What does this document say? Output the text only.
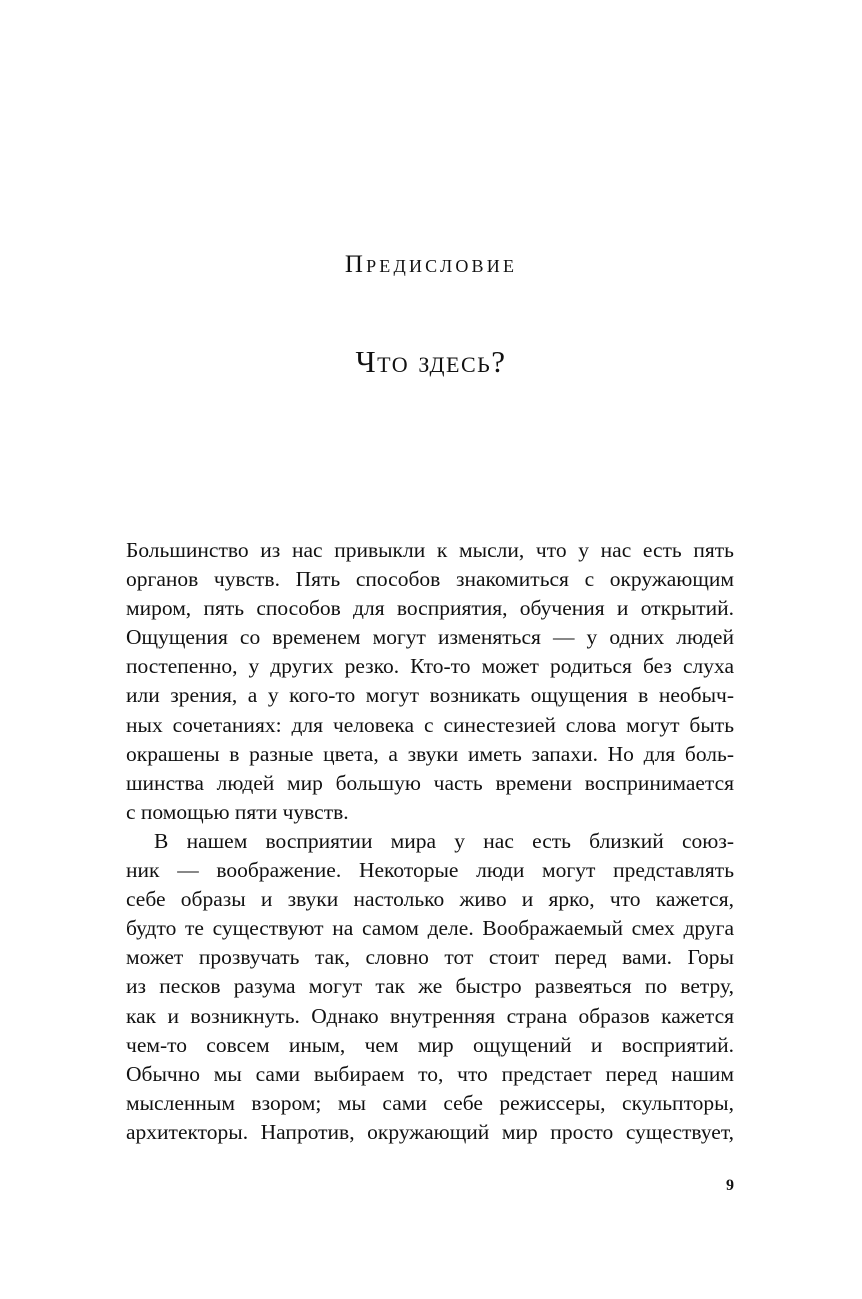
Предисловие
Что здесь?
Большинство из нас привыкли к мысли, что у нас есть пять
органов чувств. Пять способов знакомиться с окружающим
миром, пять способов для восприятия, обучения и открытий.
Ощущения со временем могут изменяться — у одних людей
постепенно, у других резко. Кто-то может родиться без слуха
или зрения, а у кого-то могут возникать ощущения в необыч-
ных сочетаниях: для человека с синестезией слова могут быть
окрашены в разные цвета, а звуки иметь запахи. Но для боль-
шинства людей мир большую часть времени воспринимается
с помощью пяти чувств.
В нашем восприятии мира у нас есть близкий союз-
ник — воображение. Некоторые люди могут представлять
себе образы и звуки настолько живо и ярко, что кажется,
будто те существуют на самом деле. Воображаемый смех друга
может прозвучать так, словно тот стоит перед вами. Горы
из песков разума могут так же быстро развеяться по ветру,
как и возникнуть. Однако внутренняя страна образов кажется
чем-то совсем иным, чем мир ощущений и восприятий.
Обычно мы сами выбираем то, что предстает перед нашим
мысленным взором; мы сами себе режиссеры, скульпторы,
архитекторы. Напротив, окружающий мир просто существует,
9
